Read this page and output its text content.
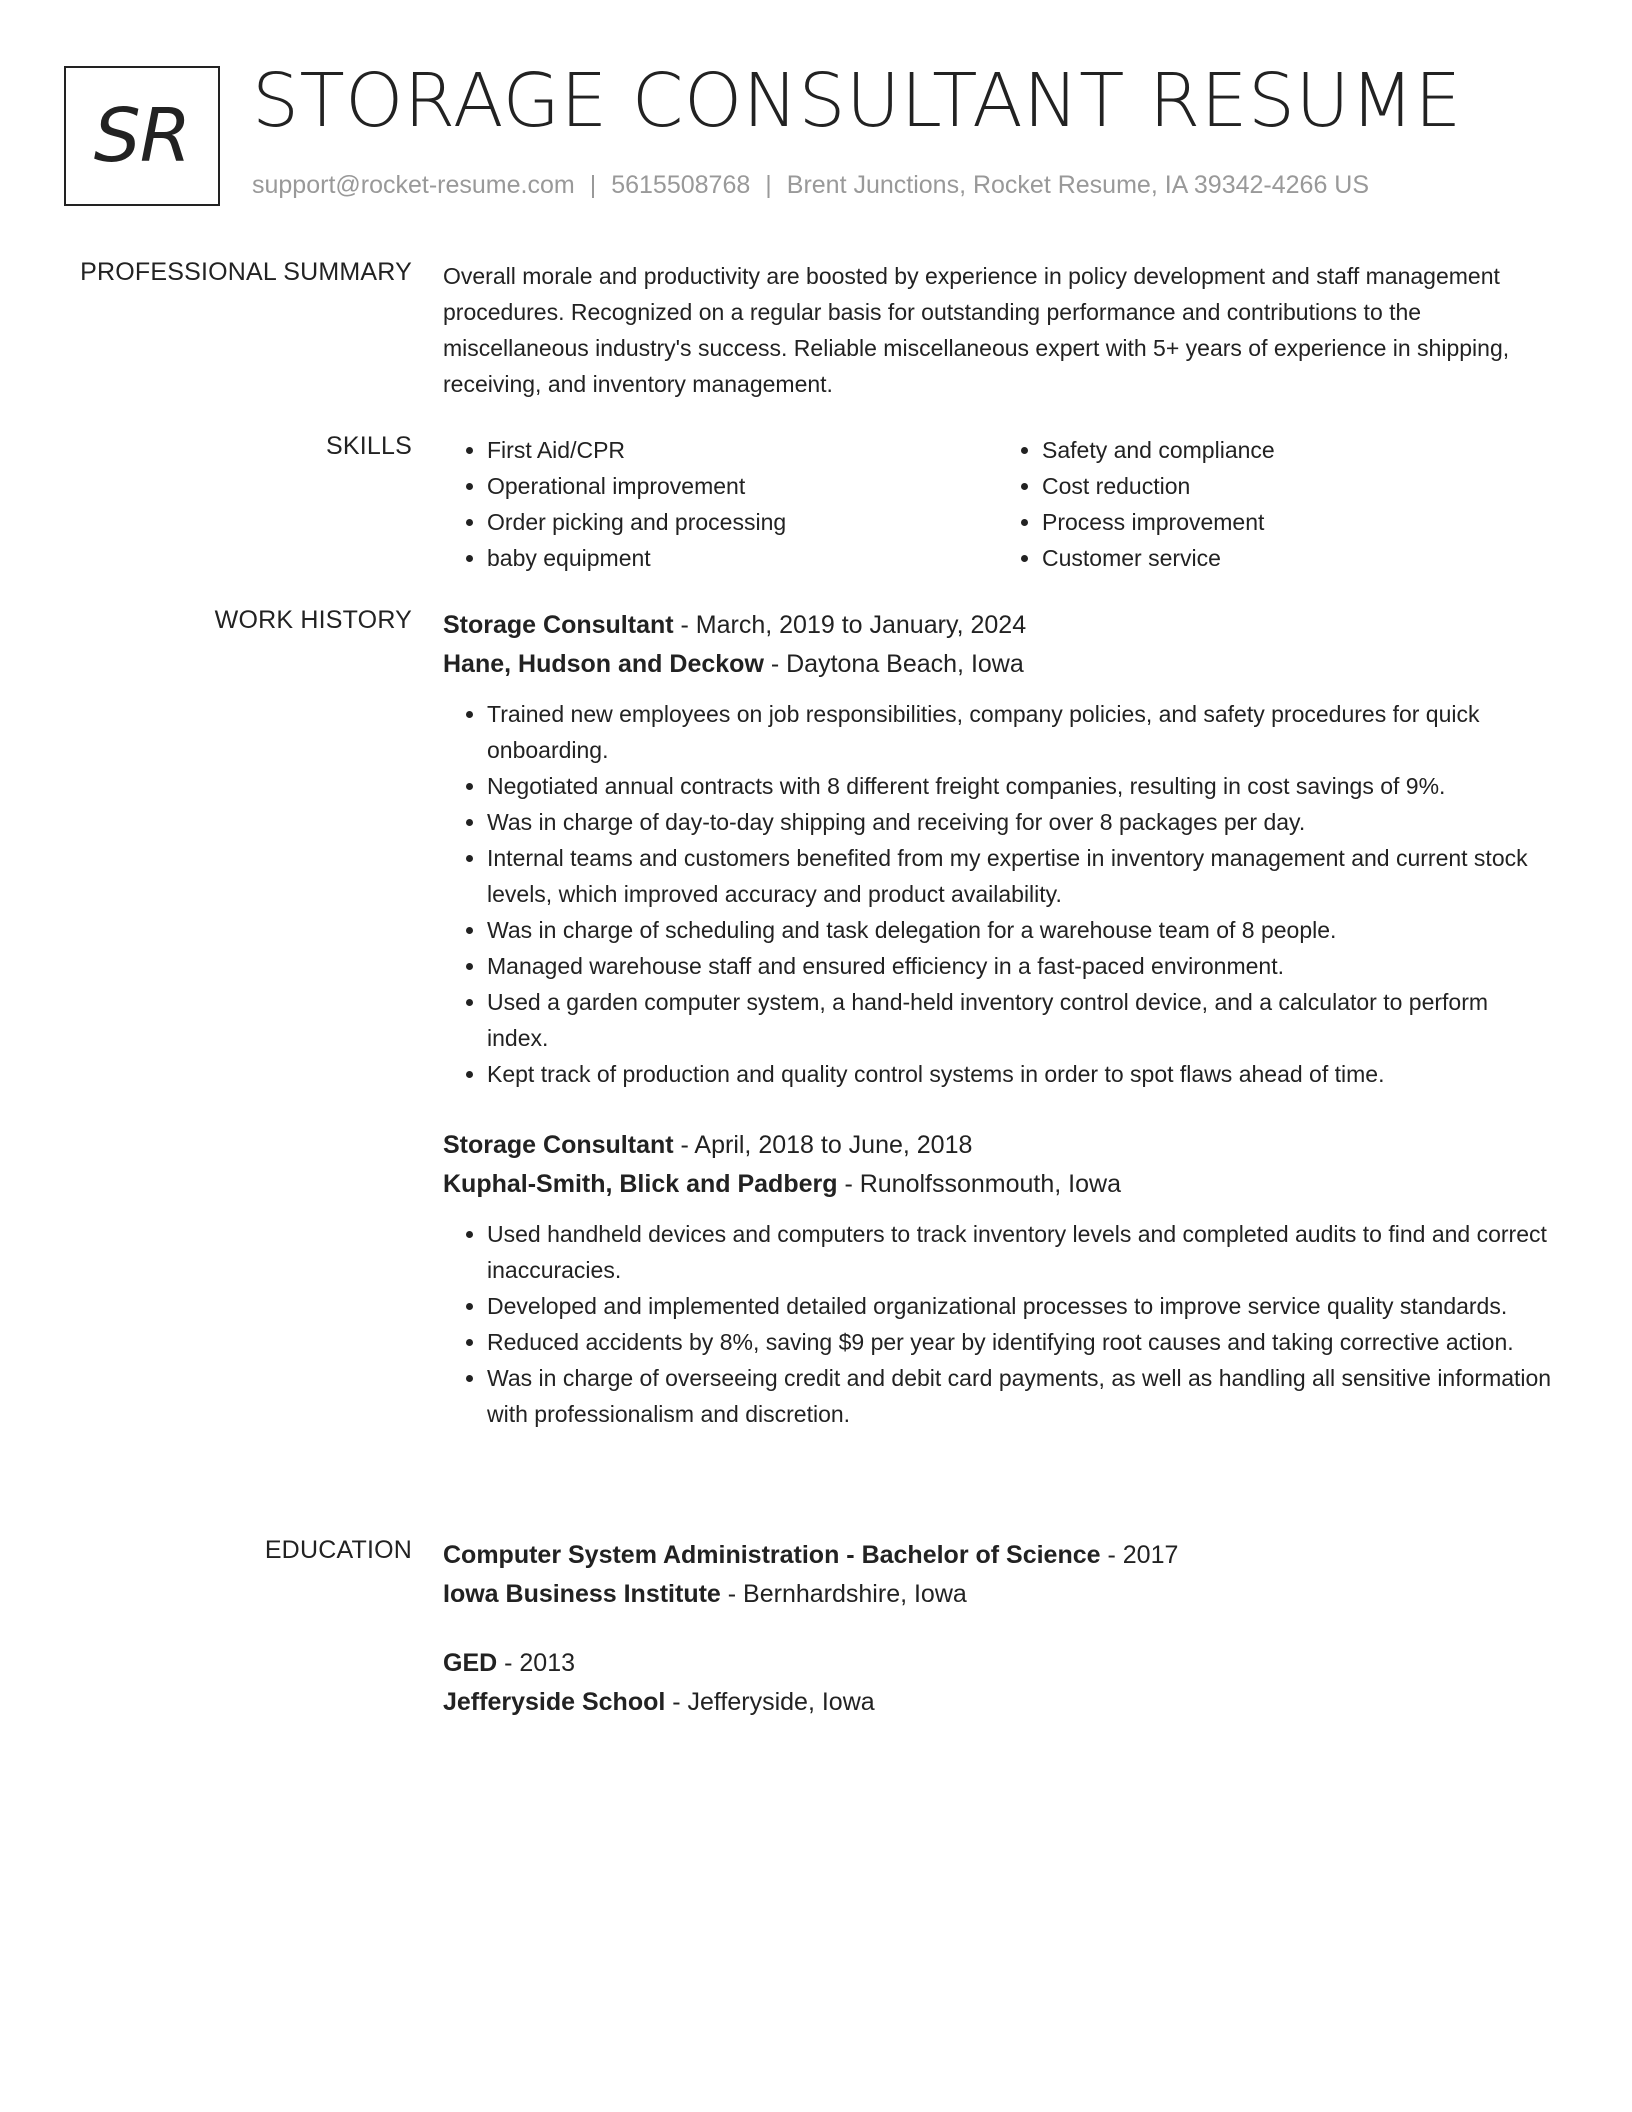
SR STORAGE CONSULTANT RESUME
support@rocket-resume.com | 5615508768 | Brent Junctions, Rocket Resume, IA 39342-4266 US
PROFESSIONAL SUMMARY Overall morale and productivity are boosted by experience in policy development and staff management procedures. Recognized on a regular basis for outstanding performance and contributions to the miscellaneous industry's success. Reliable miscellaneous expert with 5+ years of experience in shipping, receiving, and inventory management.
SKILLS
•	First Aid/CPR
• Operational improvement
• Order picking and processing
• baby equipment
• Safety and compliance
• Cost reduction
• Process improvement
• Customer service
WORK HISTORY Storage Consultant - March, 2019 to January, 2024
Hane, Hudson and Deckow - Daytona Beach, Iowa
• Trained new employees on job responsibilities, company policies, and safety procedures for quick onboarding.
• Negotiated annual contracts with 8 different freight companies, resulting in cost savings of 9%.
• Was in charge of day-to-day shipping and receiving for over 8 packages per day.
• Internal teams and customers benefited from my expertise in inventory management and current stock levels, which improved accuracy and product availability.
• Was in charge of scheduling and task delegation for a warehouse team of 8 people.
• Managed warehouse staff and ensured efficiency in a fast-paced environment.
• Used a garden computer system, a hand-held inventory control device, and a calculator to perform index.
• Kept track of production and quality control systems in order to spot flaws ahead of time.
Storage Consultant - April, 2018 to June, 2018
Kuphal-Smith, Blick and Padberg - Runolfssonmouth, Iowa
• Used handheld devices and computers to track inventory levels and completed audits to find and correct inaccuracies.
• Developed and implemented detailed organizational processes to improve service quality standards.
• Reduced accidents by 8%, saving $9 per year by identifying root causes and taking corrective action.
• Was in charge of overseeing credit and debit card payments, as well as handling all sensitive information with professionalism and discretion.
EDUCATION Computer System Administration - Bachelor of Science - 2017
Iowa Business Institute - Bernhardshire, Iowa
GED - 2013
Jefferyside School - Jefferyside, Iowa
